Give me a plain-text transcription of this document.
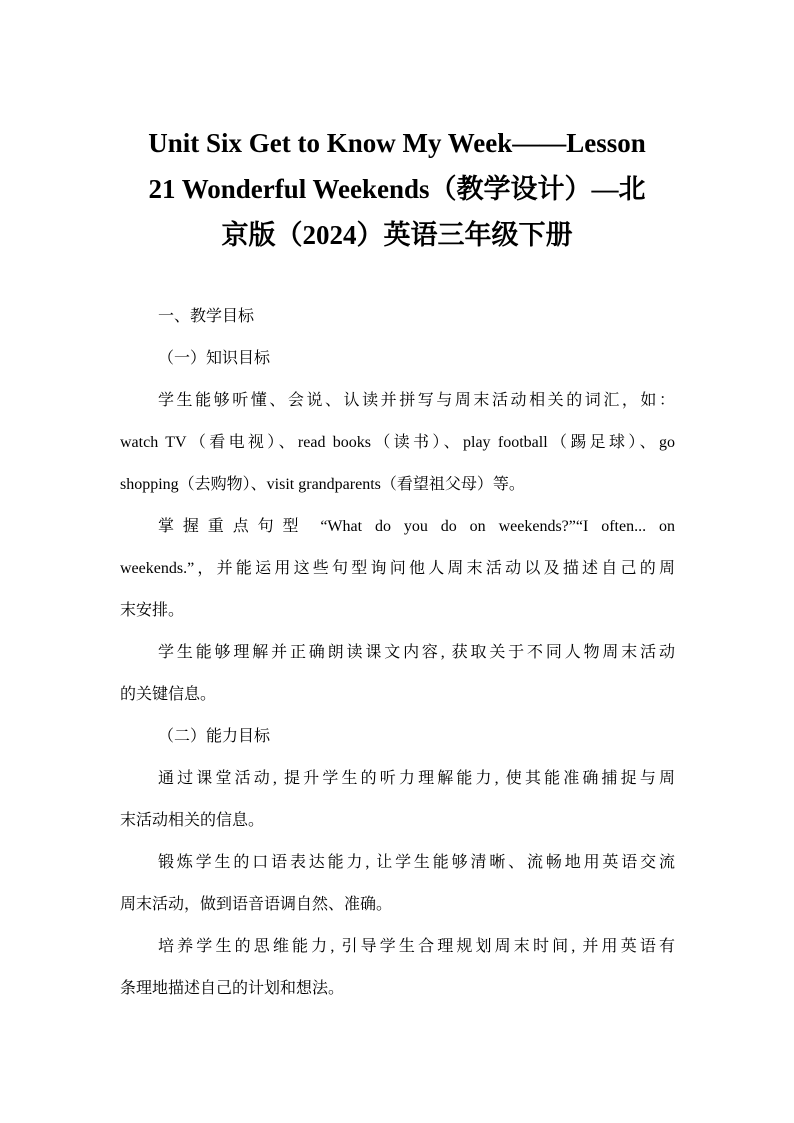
Unit Six Get to Know My Week——Lesson
21 Wonderful Weekends（教学设计）—北
京版（2024）英语三年级下册

一、教学目标

（一）知识目标

学生能够听懂、会说、认读并拼写与周末活动相关的词汇，如：
watch TV（看电视）、read books（读书）、play football（踢足球）、go
shopping（去购物）、visit grandparents（看望祖父母）等。

掌握重点句型 “What do you do on weekends?”“I often... on
weekends.”，并能运用这些句型询问他人周末活动以及描述自己的周
末安排。

学生能够理解并正确朗读课文内容, 获取关于不同人物周末活动
的关键信息。

（二）能力目标

通过课堂活动, 提升学生的听力理解能力, 使其能准确捕捉与周
末活动相关的信息。

锻炼学生的口语表达能力, 让学生能够清晰、流畅地用英语交流
周末活动，做到语音语调自然、准确。

培养学生的思维能力, 引导学生合理规划周末时间, 并用英语有
条理地描述自己的计划和想法。
